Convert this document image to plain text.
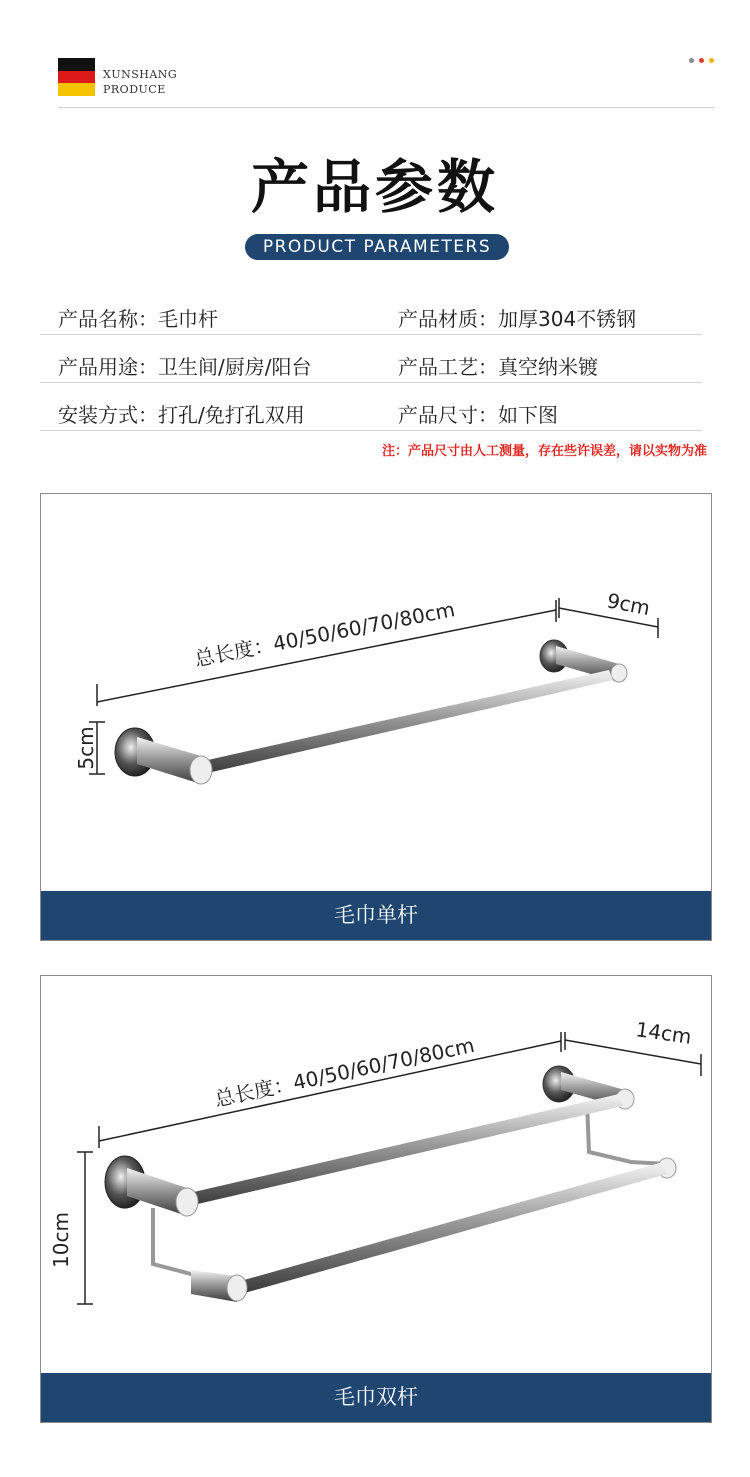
XUNSHANG
PRODUCE
产品参数
PRODUCT PARAMETERS
产品名称：毛巾杆	产品材质：加厚304不锈钢
产品用途：卫生间/厨房/阳台	产品工艺：真空纳米镀
安装方式：打孔/免打孔双用	产品尺寸：如下图
注：产品尺寸由人工测量，存在些许误差，请以实物为准
总长度：40/50/60/70/80cm	9cm
5cm
毛巾单杆
总长度：40/50/60/70/80cm	14cm
10cm
毛巾双杆
